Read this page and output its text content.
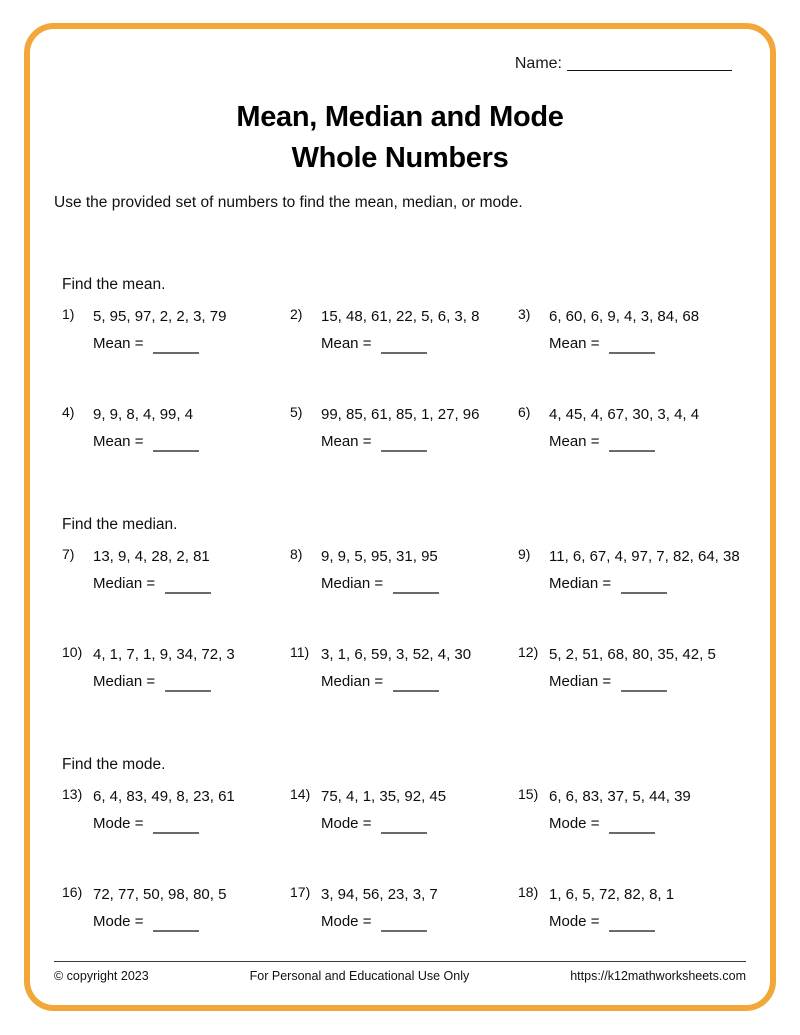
Name:
Mean, Median and Mode
Whole Numbers
Use the provided set of numbers to find the mean, median, or mode.
Find the mean.
1) 5, 95, 97, 2, 2, 3, 79
Mean =
2) 15, 48, 61, 22, 5, 6, 3, 8
Mean =
3) 6, 60, 6, 9, 4, 3, 84, 68
Mean =
4) 9, 9, 8, 4, 99, 4
Mean =
5) 99, 85, 61, 85, 1, 27, 96
Mean =
6) 4, 45, 4, 67, 30, 3, 4, 4
Mean =
Find the median.
7) 13, 9, 4, 28, 2, 81
Median =
8) 9, 9, 5, 95, 31, 95
Median =
9) 11, 6, 67, 4, 97, 7, 82, 64, 38
Median =
10) 4, 1, 7, 1, 9, 34, 72, 3
Median =
11) 3, 1, 6, 59, 3, 52, 4, 30
Median =
12) 5, 2, 51, 68, 80, 35, 42, 5
Median =
Find the mode.
13) 6, 4, 83, 49, 8, 23, 61
Mode =
14) 75, 4, 1, 35, 92, 45
Mode =
15) 6, 6, 83, 37, 5, 44, 39
Mode =
16) 72, 77, 50, 98, 80, 5
Mode =
17) 3, 94, 56, 23, 3, 7
Mode =
18) 1, 6, 5, 72, 82, 8, 1
Mode =
© copyright 2023	For Personal and Educational Use Only	https://k12mathworksheets.com
